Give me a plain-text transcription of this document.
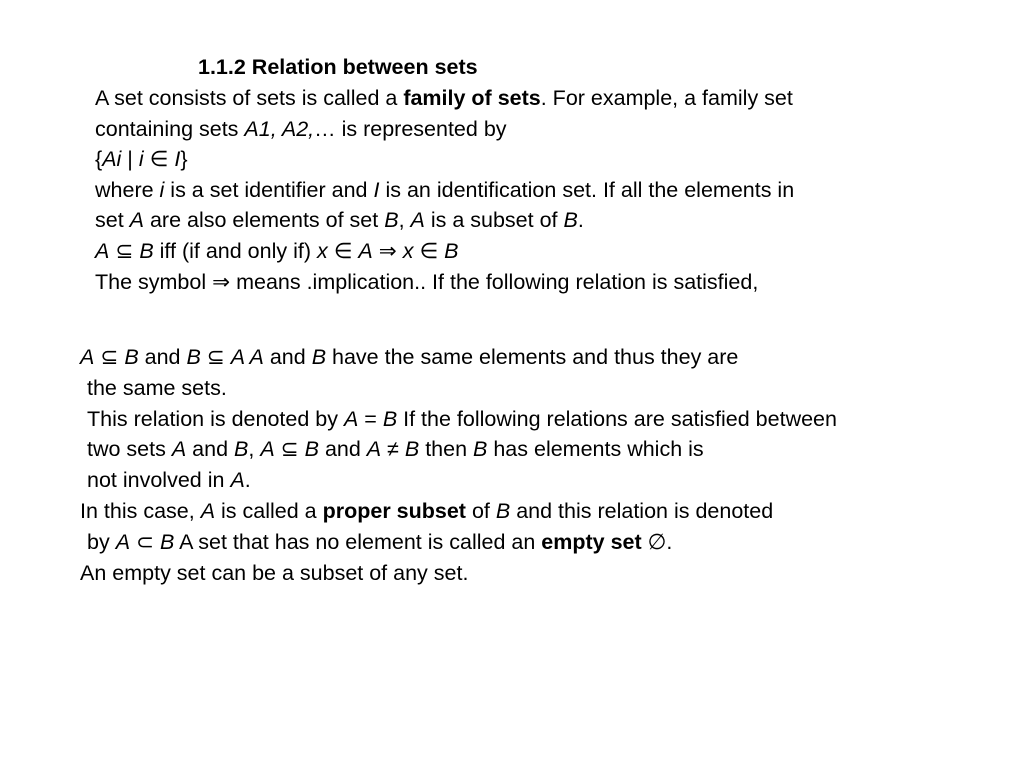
1.1.2 Relation between sets
A set consists of sets is called a family of sets. For example, a family set
containing sets A1, A2,… is represented by
{Ai | i ∈ I}
where i is a set identifier and I is an identification set. If all the elements in
set A are also elements of set B, A is a subset of B.
A ⊆ B iff (if and only if) x ∈ A ⇒ x ∈ B
The symbol ⇒ means .implication.. If the following relation is satisfied,
A ⊆ B and B ⊆ A A and B have the same elements and thus they are
the same sets.
This relation is denoted by A = B If the following relations are satisfied between
two sets A and B, A ⊆ B and A ≠ B then B has elements which is
not involved in A.
In this case, A is called a proper subset of B and this relation is denoted
by A ⊂ B A set that has no element is called an empty set ∅.
An empty set can be a subset of any set.
